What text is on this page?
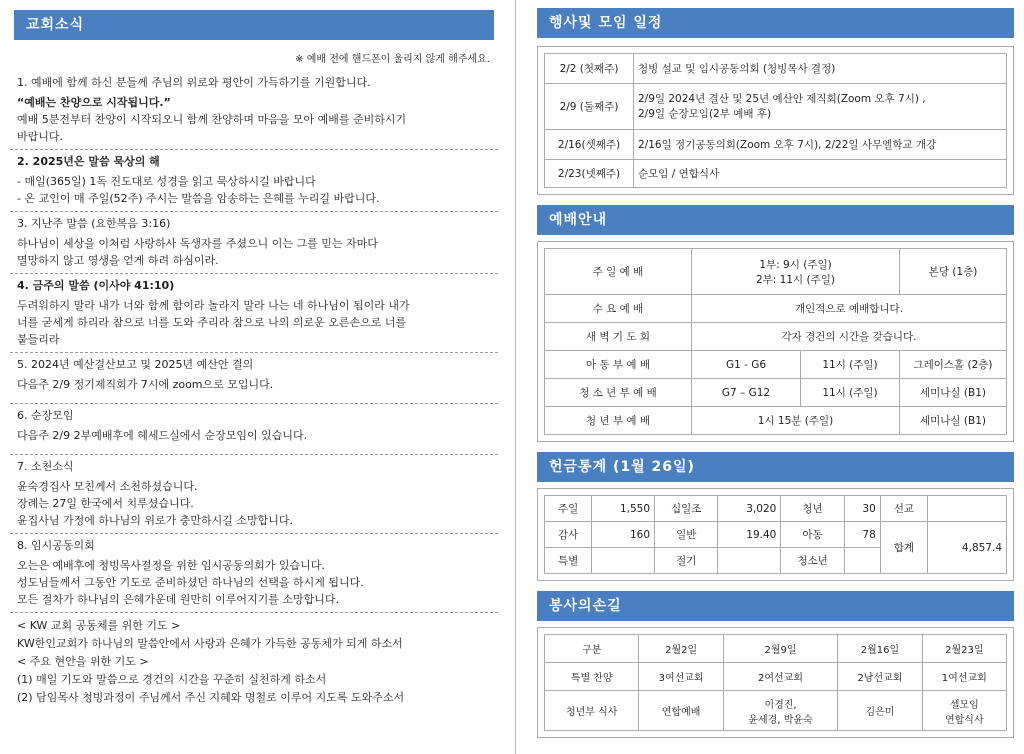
교회소식
※ 예배 전에 핸드폰이 울리지 않게 해주세요.
1. 예배에 함께 하신 분들께 주님의 위로와 평안이 가득하기를 기원합니다.
“예배는 찬양으로 시작됩니다.”
예배 5분전부터 찬양이 시작되오니 함께 찬양하며 마음을 모아 예배를 준비하시기
바랍니다.
2. 2025년은 말씀 묵상의 해
- 매일(365일) 1독 진도대로 성경을 읽고 묵상하시길 바랍니다
- 온 교인이 매 주일(52주) 주시는 말씀을 암송하는 은혜를 누리길 바랍니다.
3. 지난주 말씀 (요한복음 3:16)
하나님이 세상을 이처럼 사랑하사 독생자를 주셨으니 이는 그를 믿는 자마다
멸망하지 않고 영생을 얻게 하려 하심이라.
4. 금주의 말씀 (이사야 41:10)
두려워하지 말라 내가 너와 함께 함이라 놀라지 말라 나는 네 하나님이 됨이라 내가
너를 굳세게 하리라 참으로 너를 도와 주리라 참으로 나의 의로운 오른손으로 너를
붙들리라
5. 2024년 예산결산보고 및 2025년 예산안 결의
다음주 2/9 정기제직회가 7시에 zoom으로 모입니다.
6. 순장모임
다음주 2/9 2부예배후에 헤세드실에서 순장모임이 있습니다.
7. 소천소식
윤숙경집사 모친께서 소천하셨습니다.
장례는 27일 한국에서 치루셨습니다.
윤집사님 가정에 하나님의 위로가 충만하시길 소망합니다.
8. 임시공동의회
오는은 예배후에 청빙목사결정을 위한 임시공동의회가 있습니다.
성도님들께서 그동안 기도로 준비하셨던 하나님의 선택을 하시게 됩니다.
모든 절차가 하나님의 은혜가운데 원만히 이루어지기를 소망합니다.
< KW 교회 공동체를 위한 기도 >
KW한인교회가 하나님의 말씀안에서 사랑과 은혜가 가득한 공동체가 되게 하소서
< 주요 현안을 위한 기도 >
(1) 매일 기도와 말씀으로 경건의 시간을 꾸준히 실천하게 하소서
(2) 담임목사 청빙과정이 주님께서 주신 지혜와 명철로 이루어 지도록 도와주소서
행사및 모임 일정
2/2 (첫째주)	청빙 설교 및 임시공동의회 (청빙목사 결정)
2/9 (둘째주)	2/9일 2024년 결산 및 25년 예산안 제직회(Zoom 오후 7시) ,
2/9일 순장모임(2부 예배 후)
2/16(셋째주)	2/16일 정기공동의회(Zoom 오후 7시), 2/22일 사무엘학교 개강
2/23(넷째주)	순모임 / 연합식사
예배안내
주 일 예 배	1부: 9시 (주일)
2부: 11시 (주일)		본당 (1층)
수 요 예 배	개인적으로 예배합니다.		
새 벽 기 도 회	각자 경건의 시간을 갖습니다.		
아 동 부 예 배	G1 - G6	11시 (주일)	그레이스홀 (2층)
청 소 년 부 예 배	G7 – G12	11시 (주일)	세미나실 (B1)
청 년 부 예 배	1시 15분 (주일)		세미나실 (B1)
헌금통계 (1월 26일)
주일	1,550	십일조	3,020	청년	30	선교	
감사	160	일반	19.40	아동	78	합계	4,857.4
특별		절기		청소년			
봉사의손길
구분	2월2일	2월9일	2월16일	2월23일
특별 찬양	3여선교회	2여선교회	2남선교회	1여선교회
청년부 식사	연합예배	이경진,
윤세경, 박윤숙	김은미	셀모임
연합식사
